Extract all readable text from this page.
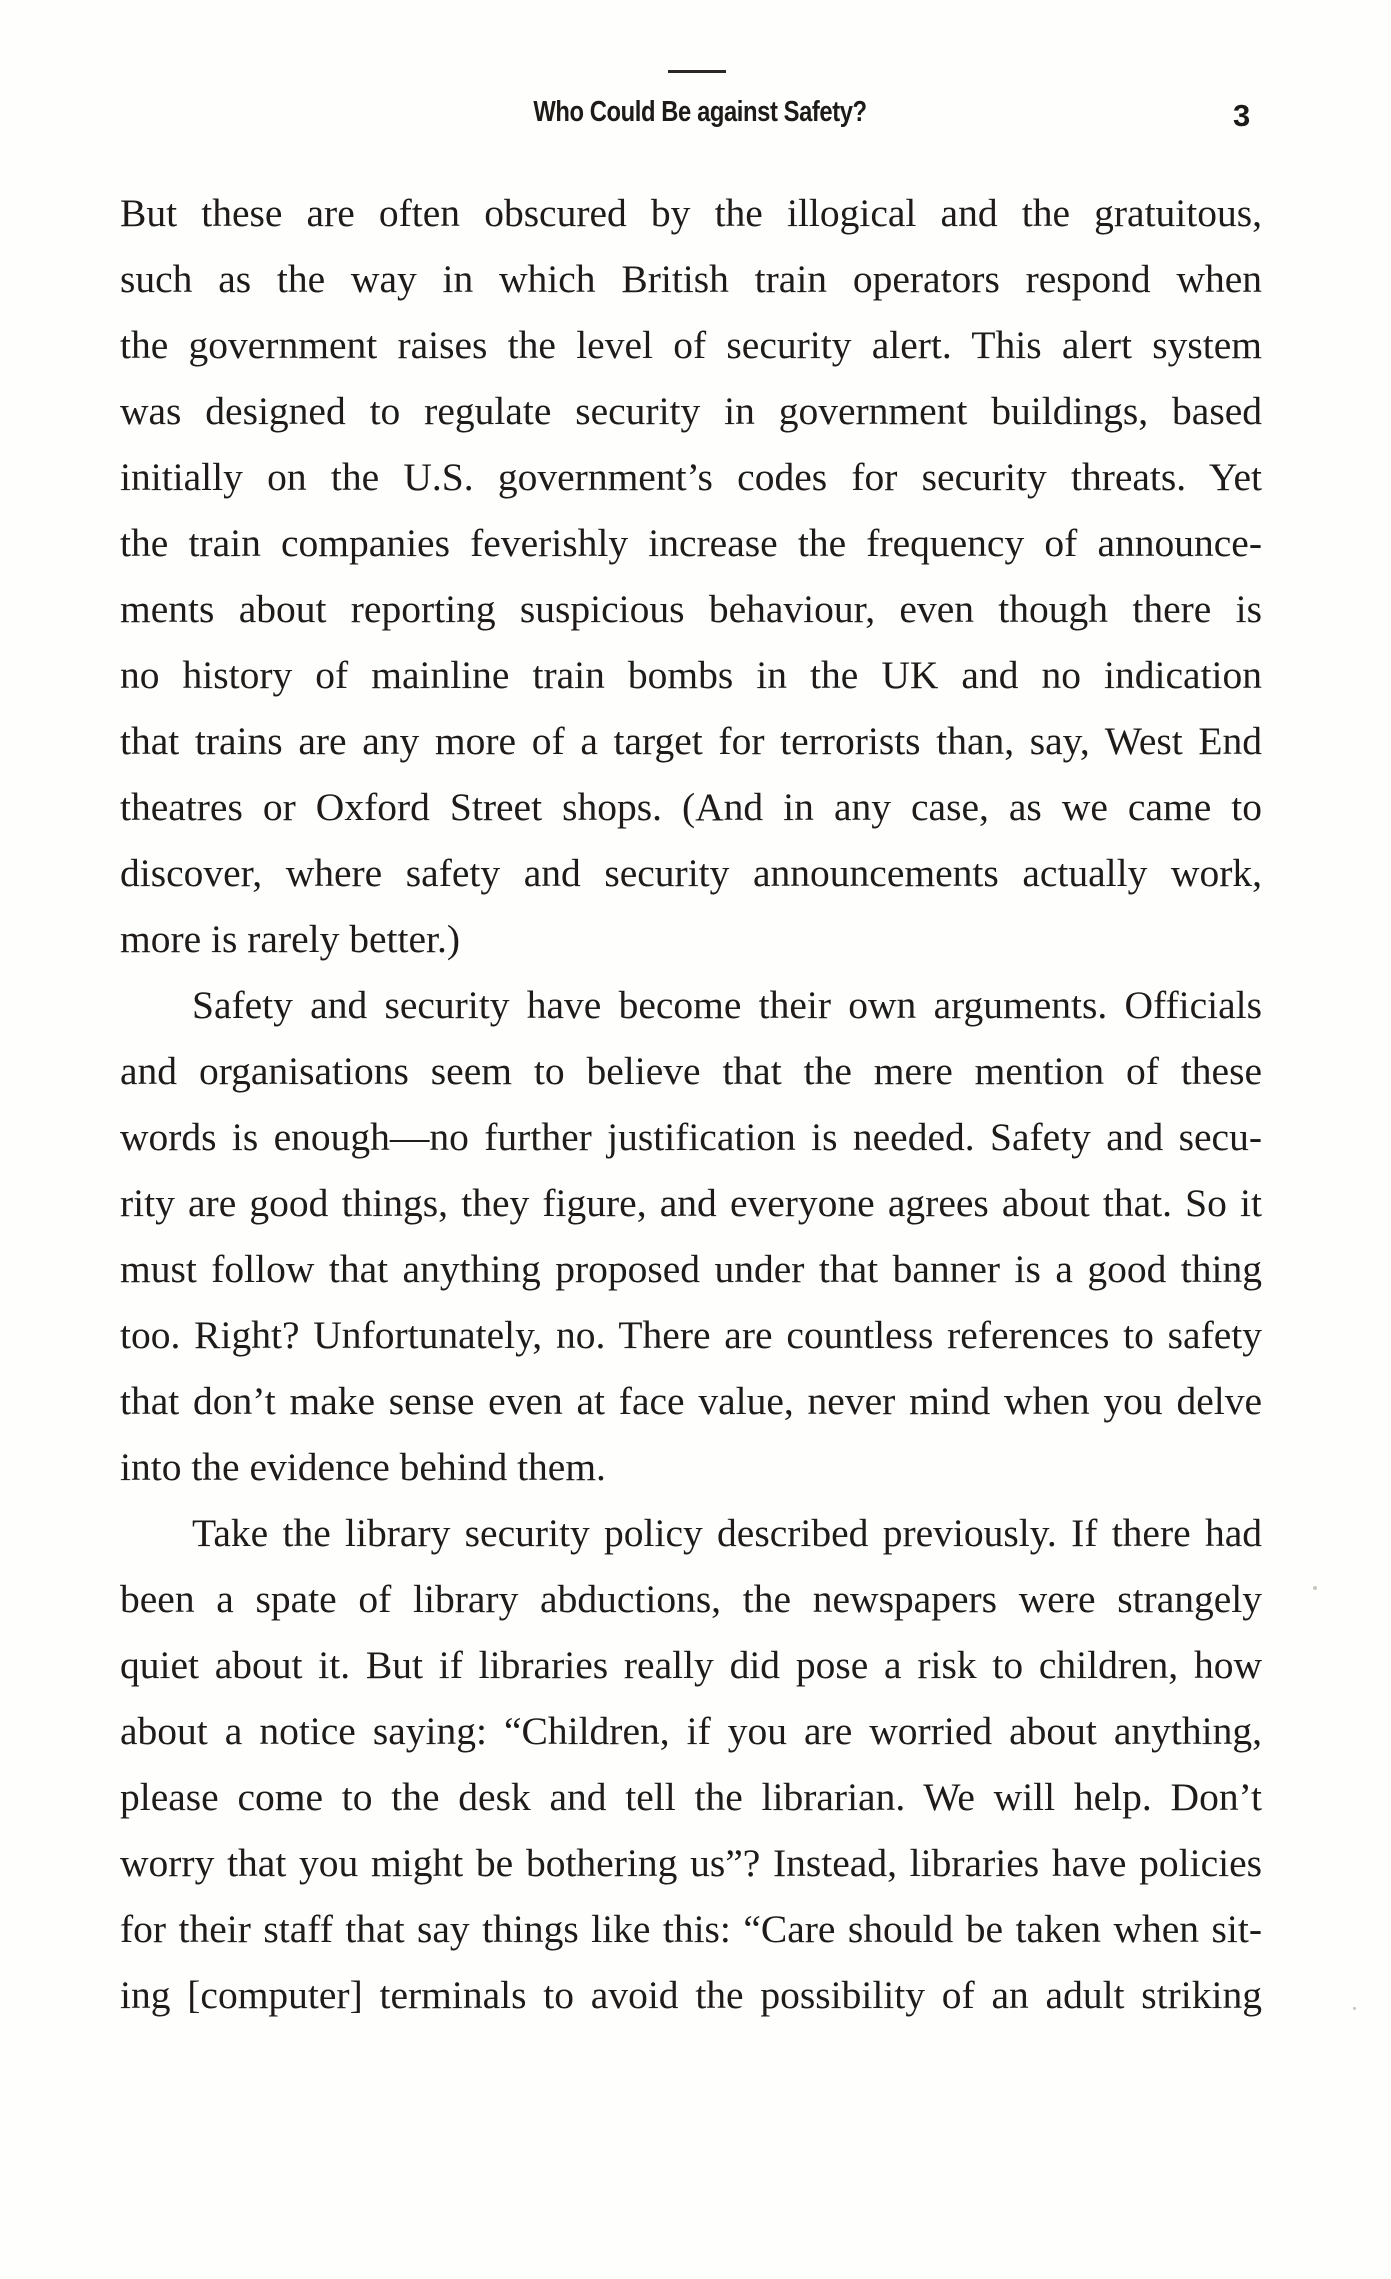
Who Could Be against Safety?	3
But these are often obscured by the illogical and the gratuitous,
such as the way in which British train operators respond when
the government raises the level of security alert. This alert system
was designed to regulate security in government buildings, based
initially on the U.S. government’s codes for security threats. Yet
the train companies feverishly increase the frequency of announce-
ments about reporting suspicious behaviour, even though there is
no history of mainline train bombs in the UK and no indication
that trains are any more of a target for terrorists than, say, West End
theatres or Oxford Street shops. (And in any case, as we came to
discover, where safety and security announcements actually work,
more is rarely better.)
Safety and security have become their own arguments. Officials
and organisations seem to believe that the mere mention of these
words is enough—no further justification is needed. Safety and secu-
rity are good things, they figure, and everyone agrees about that. So it
must follow that anything proposed under that banner is a good thing
too. Right? Unfortunately, no. There are countless references to safety
that don’t make sense even at face value, never mind when you delve
into the evidence behind them.
Take the library security policy described previously. If there had
been a spate of library abductions, the newspapers were strangely
quiet about it. But if libraries really did pose a risk to children, how
about a notice saying: “Children, if you are worried about anything,
please come to the desk and tell the librarian. We will help. Don’t
worry that you might be bothering us”? Instead, libraries have policies
for their staff that say things like this: “Care should be taken when sit-
ing [computer] terminals to avoid the possibility of an adult striking
